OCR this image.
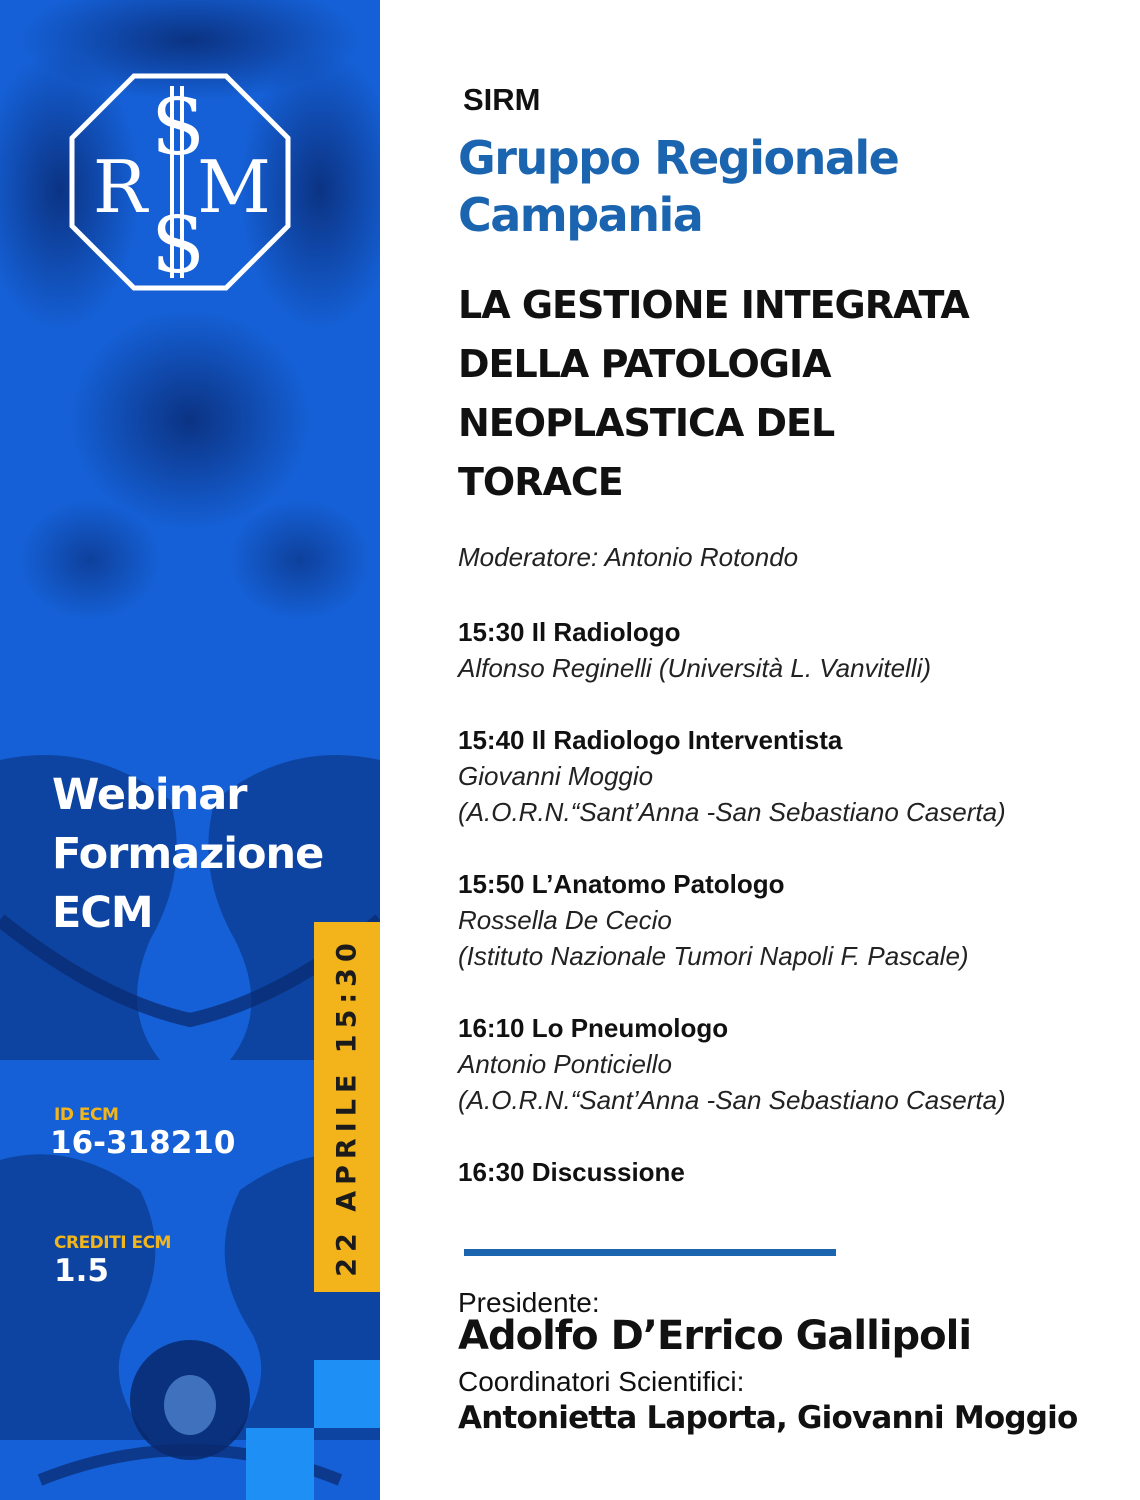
S
R M
S
Webinar
Formazione
ECM
ID ECM
16-318210
CREDITI ECM
1.5	22 APRILE 15:30
SIRM
Gruppo Regionale
Campania
LA GESTIONE INTEGRATA
DELLA PATOLOGIA
NEOPLASTICA DEL
TORACE
Moderatore: Antonio Rotondo
15:30 Il Radiologo
Alfonso Reginelli (Università L. Vanvitelli)
15:40 Il Radiologo Interventista
Giovanni Moggio
(A.O.R.N.“Sant’Anna -San Sebastiano Caserta)
15:50 L’Anatomo Patologo
Rossella De Cecio
(Istituto Nazionale Tumori Napoli F. Pascale)
16:10 Lo Pneumologo
Antonio Ponticiello
(A.O.R.N.“Sant’Anna -San Sebastiano Caserta)
16:30 Discussione
Presidente:
Adolfo D’Errico Gallipoli
Coordinatori Scientifici:
Antonietta Laporta, Giovanni Moggio
